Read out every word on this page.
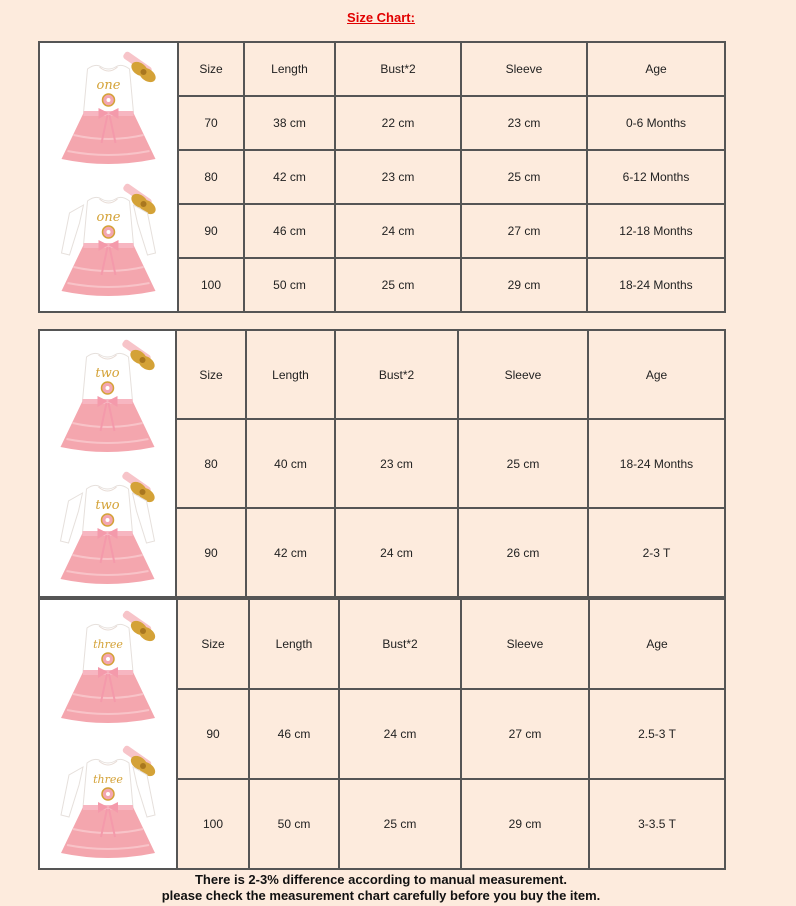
Size Chart:
one
one	Size	Length	Bust*2	Sleeve	Age
	70	38 cm	22 cm	23 cm	0-6 Months
	80	42 cm	23 cm	25 cm	6-12 Months
	90	46 cm	24 cm	27 cm	12-18 Months
	100	50 cm	25 cm	29 cm	18-24 Months
two
two	Size	Length	Bust*2	Sleeve	Age
	80	40 cm	23 cm	25 cm	18-24 Months
	90	42 cm	24 cm	26 cm	2-3 T
three
three	Size	Length	Bust*2	Sleeve	Age
	90	46 cm	24 cm	27 cm	2.5-3 T
	100	50 cm	25 cm	29 cm	3-3.5 T
There is 2-3% difference according to manual measurement.
please check the measurement chart carefully before you buy the item.
